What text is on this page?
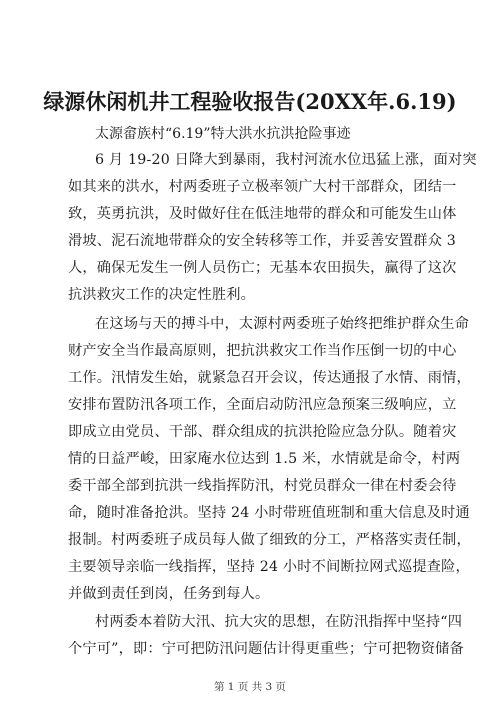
绿源休闲机井工程验收报告(20XX年.6.19)
太源畲族村“6.19”特大洪水抗洪抢险事迹
6 月 19-20 日降大到暴雨，我村河流水位迅猛上涨，面对突
如其来的洪水，村两委班子立极率领广大村干部群众，团结一
致，英勇抗洪，及时做好住在低洼地带的群众和可能发生山体
滑坡、泥石流地带群众的安全转移等工作，并妥善安置群众 3
人，确保无发生一例人员伤亡；无基本农田损失，赢得了这次
抗洪救灾工作的决定性胜利。
在这场与天的搏斗中，太源村两委班子始终把维护群众生命
财产安全当作最高原则，把抗洪救灾工作当作压倒一切的中心
工作。汛情发生始，就紧急召开会议，传达通报了水情、雨情，
安排布置防汛各项工作，全面启动防汛应急预案三级响应，立
即成立由党员、干部、群众组成的抗洪抢险应急分队。随着灾
情的日益严峻，田家庵水位达到 1.5 米，水情就是命令，村两
委干部全部到抗洪一线指挥防汛，村党员群众一律在村委会待
命，随时准备抢洪。坚持 24 小时带班值班制和重大信息及时通
报制。村两委班子成员每人做了细致的分工，严格落实责任制，
主要领导亲临一线指挥，坚持 24 小时不间断拉网式巡提查险，
并做到责任到岗，任务到每人。
村两委本着防大汛、抗大灾的思想，在防汛指挥中坚持“四
个宁可”，即：宁可把防汛问题估计得更重些；宁可把物资储备
第 1 页 共 3 页
